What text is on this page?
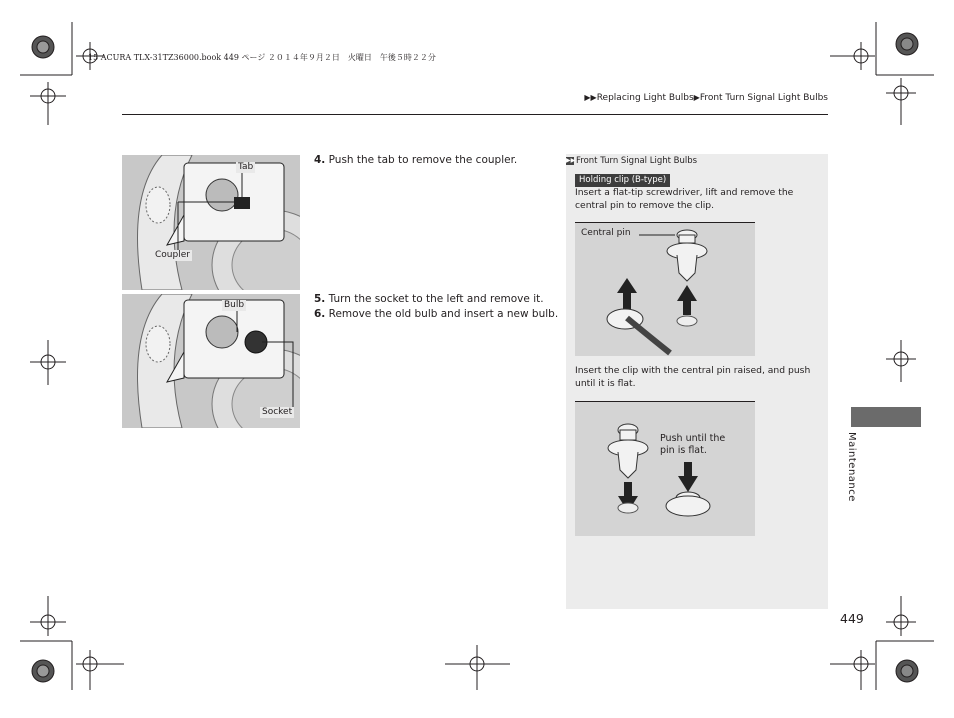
15 ACURA TLX-31TZ36000.book 449 ページ ２０１４年９月２日　火曜日　午後５時２２分
▶▶Replacing Light Bulbs▶Front Turn Signal Light Bulbs
Tab
Coupler
Bulb
Socket
4. Push the tab to remove the coupler.
5. Turn the socket to the left and remove it.
6. Remove the old bulb and insert a new bulb.
▶▶Front Turn Signal Light Bulbs
Holding clip (B-type)
Insert a flat-tip screwdriver, lift and remove the central pin to remove the clip.
Central pin
Insert the clip with the central pin raised, and push until it is flat.
Push until the
pin is flat.	Maintenance
449
